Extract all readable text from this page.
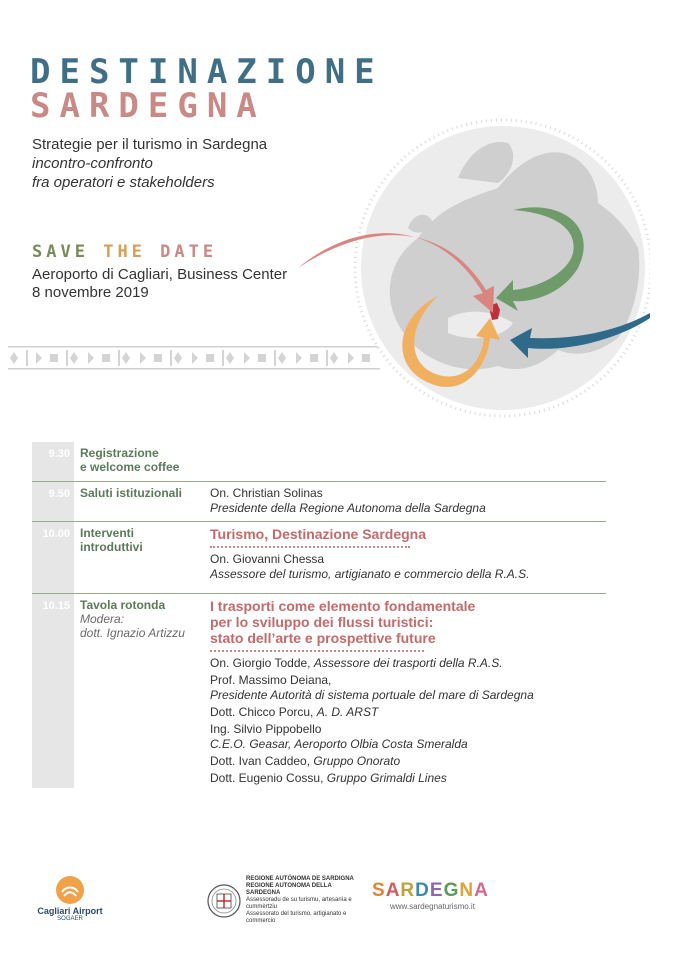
DESTINAZIONE
SARDEGNA
Strategie per il turismo in Sardegna
incontro-confronto
fra operatori e stakeholders
SAVE THE DATE
Aeroporto di Cagliari, Business Center
8 novembre 2019
9.30 Registrazione
e welcome coffee
9.50 Saluti istituzionali	On. Christian Solinas
Presidente della Regione Autonoma della Sardegna
10.00 Interventi
introduttivi
Turismo, Destinazione Sardegna
On. Giovanni Chessa
Assessore del turismo, artigianato e commercio della R.A.S.
10.15 Tavola rotonda
Modera:
dott. Ignazio Artizzu
I trasporti come elemento fondamentale
per lo sviluppo dei flussi turistici:
stato dell’arte e prospettive future
On. Giorgio Todde, Assessore dei trasporti della R.A.S.
Prof. Massimo Deiana,
Presidente Autorità di sistema portuale del mare di Sardegna
Dott. Chicco Porcu, A. D. ARST
Ing. Silvio Pippobello
C.E.O. Geasar, Aeroporto Olbia Costa Smeralda
Dott. Ivan Caddeo, Gruppo Onorato
Dott. Eugenio Cossu, Gruppo Grimaldi Lines
Cagliari Airport
SOGAER
REGIONE AUTÒNOMA DE SARDIGNA
REGIONE AUTONOMA DELLA SARDEGNA
Assessoradu de su turismu, artesanìa e cummèrtziu
Assessorato del turismo, artigianato e commercio
SARDEGNA
www.sardegnaturismo.it
